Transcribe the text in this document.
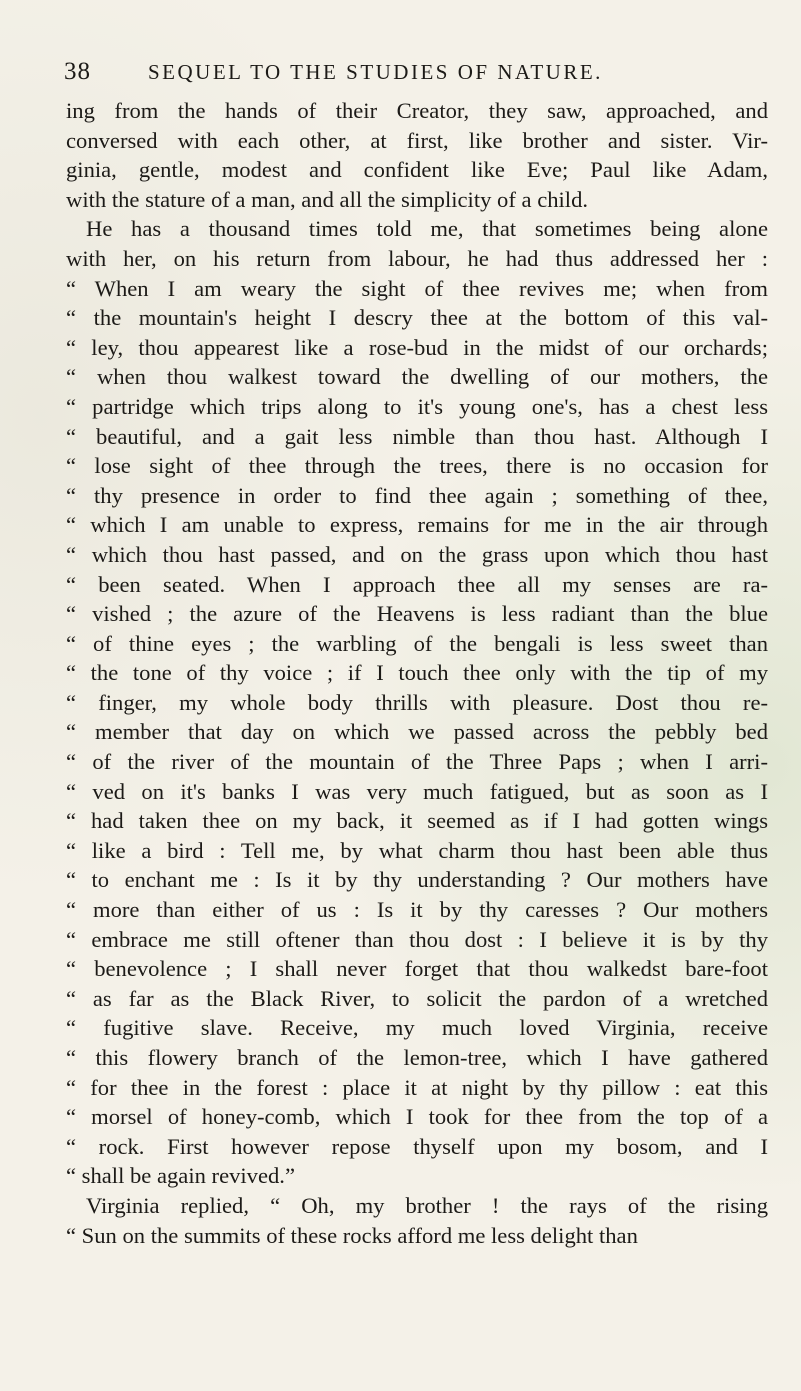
38	SEQUEL TO THE STUDIES OF NATURE.
ing from the hands of their Creator, they saw, approached, and
conversed with each other, at first, like brother and sister. Vir-
ginia, gentle, modest and confident like Eve; Paul like Adam,
with the stature of a man, and all the simplicity of a child.
He has a thousand times told me, that sometimes being alone
with her, on his return from labour, he had thus addressed her :
“ When I am weary the sight of thee revives me; when from
“ the mountain's height I descry thee at the bottom of this val-
“ ley, thou appearest like a rose-bud in the midst of our orchards;
“ when thou walkest toward the dwelling of our mothers, the
“ partridge which trips along to it's young one's, has a chest less
“ beautiful, and a gait less nimble than thou hast. Although I
“ lose sight of thee through the trees, there is no occasion for
“ thy presence in order to find thee again ; something of thee,
“ which I am unable to express, remains for me in the air through
“ which thou hast passed, and on the grass upon which thou hast
“ been seated. When I approach thee all my senses are ra-
“ vished ; the azure of the Heavens is less radiant than the blue
“ of thine eyes ; the warbling of the bengali is less sweet than
“ the tone of thy voice ; if I touch thee only with the tip of my
“ finger, my whole body thrills with pleasure. Dost thou re-
“ member that day on which we passed across the pebbly bed
“ of the river of the mountain of the Three Paps ; when I arri-
“ ved on it's banks I was very much fatigued, but as soon as I
“ had taken thee on my back, it seemed as if I had gotten wings
“ like a bird : Tell me, by what charm thou hast been able thus
“ to enchant me : Is it by thy understanding ? Our mothers have
“ more than either of us : Is it by thy caresses ? Our mothers
“ embrace me still oftener than thou dost : I believe it is by thy
“ benevolence ; I shall never forget that thou walkedst bare-foot
“ as far as the Black River, to solicit the pardon of a wretched
“ fugitive slave. Receive, my much loved Virginia, receive
“ this flowery branch of the lemon-tree, which I have gathered
“ for thee in the forest : place it at night by thy pillow : eat this
“ morsel of honey-comb, which I took for thee from the top of a
“ rock. First however repose thyself upon my bosom, and I
“ shall be again revived.”
Virginia replied, “ Oh, my brother ! the rays of the rising
“ Sun on the summits of these rocks afford me less delight than
